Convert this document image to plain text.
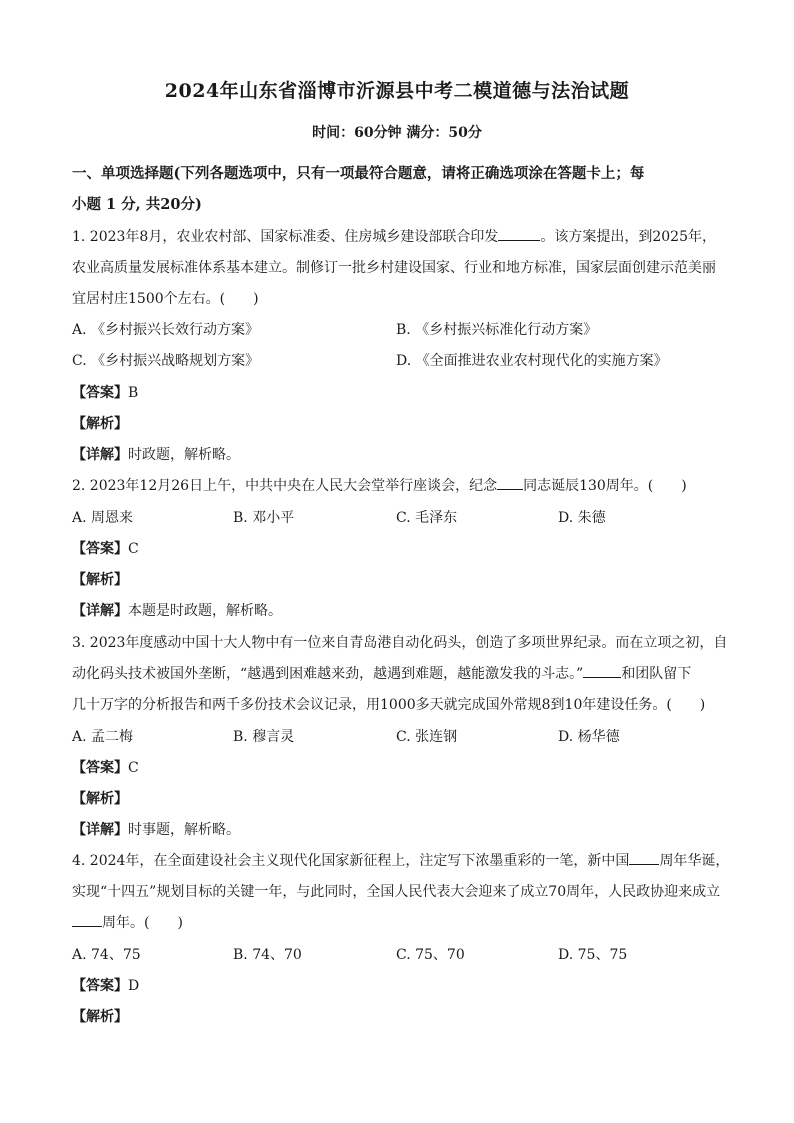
2024年山东省淄博市沂源县中考二模道德与法治试题
时间：60分钟 满分：50分
一、单项选择题(下列各题选项中，只有一项最符合题意，请将正确选项涂在答题卡上；每
小题 1 分, 共20分)
1. 2023年8月，农业农村部、国家标准委、住房城乡建设部联合印发	。该方案提出，到2025年，
农业高质量发展标准体系基本建立。制修订一批乡村建设国家、行业和地方标准，国家层面创建示范美丽
宜居村庄1500个左右。(　　)
A. 《乡村振兴长效行动方案》	B. 《乡村振兴标准化行动方案》
C. 《乡村振兴战略规划方案》	D. 《全面推进农业农村现代化的实施方案》
【答案】B
【解析】
【详解】时政题，解析略。
2. 2023年12月26日上午，中共中央在人民大会堂举行座谈会，纪念 同志诞辰130周年。(　　)
A. 周恩来	B. 邓小平	C. 毛泽东	D. 朱德
【答案】C
【解析】
【详解】本题是时政题，解析略。
3. 2023年度感动中国十大人物中有一位来自青岛港自动化码头，创造了多项世界纪录。而在立项之初，自
动化码头技术被国外垄断，“越遇到困难越来劲，越遇到难题，越能激发我的斗志。”	和团队留下
几十万字的分析报告和两千多份技术会议记录，用1000多天就完成国外常规8到10年建设任务。(　　)
A. 孟二梅	B. 穆言灵	C. 张连钢	D. 杨华德
【答案】C
【解析】
【详解】时事题，解析略。
4. 2024年，在全面建设社会主义现代化国家新征程上，注定写下浓墨重彩的一笔，新中国 周年华诞，
实现“十四五”规划目标的关键一年，与此同时，全国人民代表大会迎来了成立70周年，人民政协迎来成立
周年。(　　)
A. 74、75	B. 74、70	C. 75、70	D. 75、75
【答案】D
【解析】
